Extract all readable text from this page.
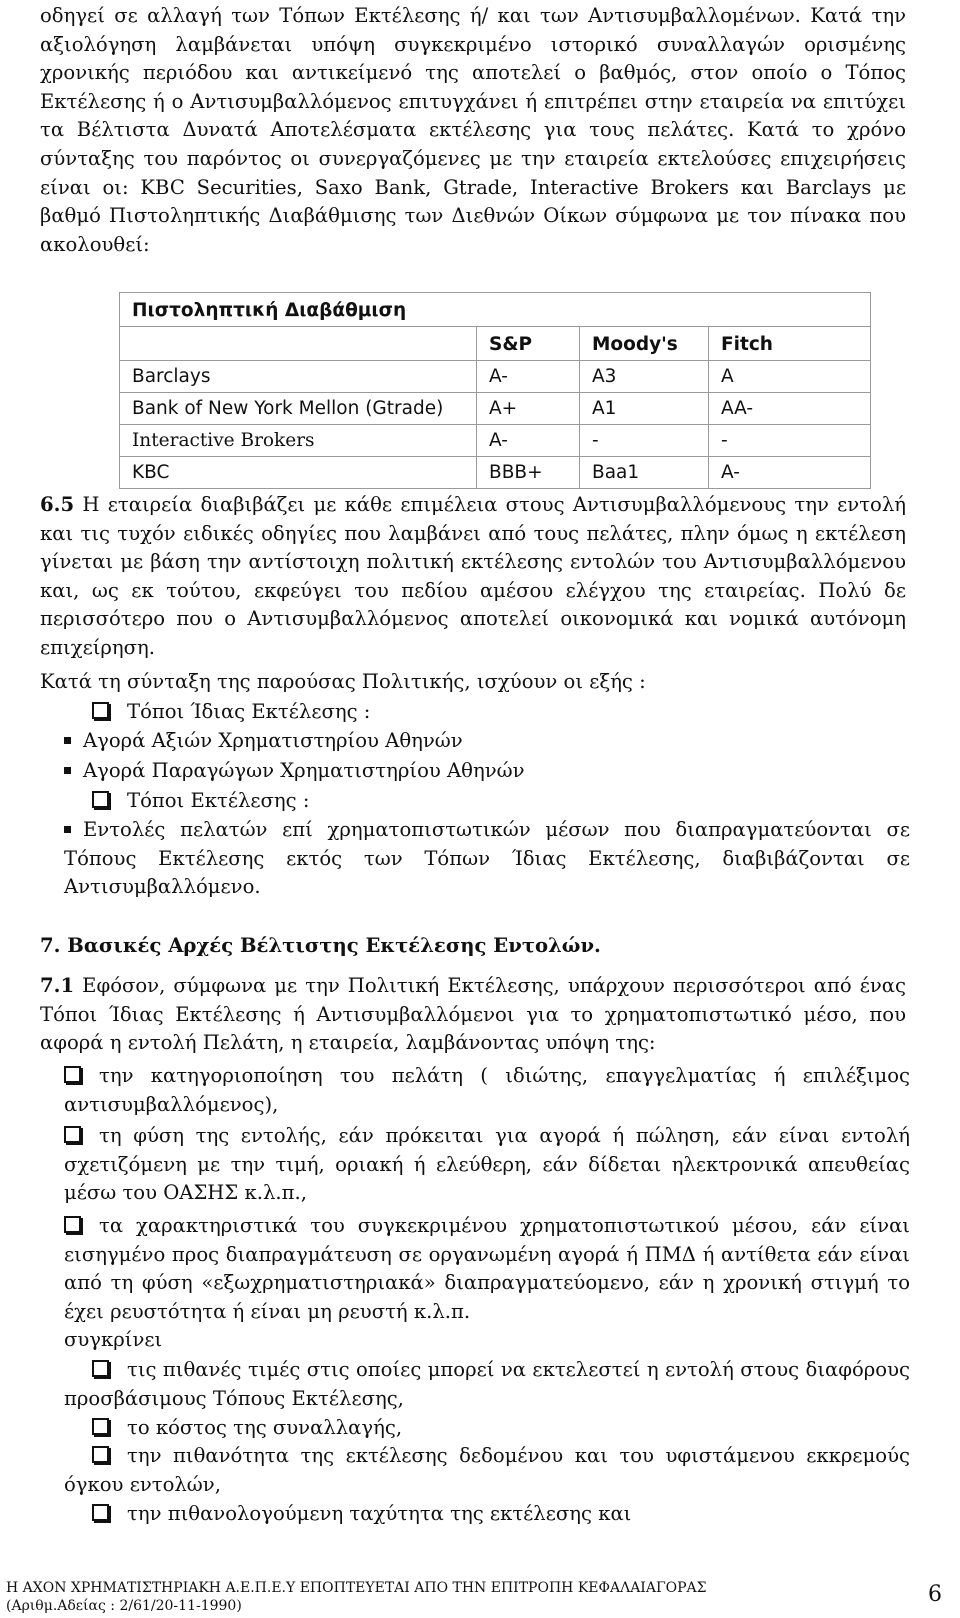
οδηγεί σε αλλαγή των Τόπων Εκτέλεσης ή/ και των Αντισυμβαλλομένων. Κατά την αξιολόγηση λαμβάνεται υπόψη συγκεκριμένο ιστορικό συναλλαγών ορισμένης χρονικής περιόδου και αντικείμενό της αποτελεί ο βαθμός, στον οποίο ο Τόπος Εκτέλεσης ή ο Αντισυμβαλλόμενος επιτυγχάνει ή επιτρέπει στην εταιρεία να επιτύχει τα Βέλτιστα Δυνατά Αποτελέσματα εκτέλεσης για τους πελάτες. Κατά το χρόνο σύνταξης του παρόντος οι συνεργαζόμενες με την εταιρεία εκτελούσες επιχειρήσεις είναι οι: KBC Securities, Saxo Bank, Gtrade, Interactive Brokers και Barclays με βαθμό Πιστοληπτικής Διαβάθμισης των Διεθνών Οίκων σύμφωνα με τον πίνακα που ακολουθεί:

Πιστοληπτική Διαβάθμιση			
	S&P	Moody's	Fitch
Barclays	A-	A3	A
Bank of New York Mellon (Gtrade)	A+	A1	AA-
Interactive Brokers	A-	-	-
KBC	BBB+	Baa1	A-

6.5 Η εταιρεία διαβιβάζει με κάθε επιμέλεια στους Αντισυμβαλλόμενους την εντολή και τις τυχόν ειδικές οδηγίες που λαμβάνει από τους πελάτες, πλην όμως η εκτέλεση γίνεται με βάση την αντίστοιχη πολιτική εκτέλεσης εντολών του Αντισυμβαλλόμενου και, ως εκ τούτου, εκφεύγει του πεδίου αμέσου ελέγχου της εταιρείας. Πολύ δε περισσότερο που ο Αντισυμβαλλόμενος αποτελεί οικονομικά και νομικά αυτόνομη επιχείρηση.

Κατά τη σύνταξη της παρούσας Πολιτικής, ισχύουν οι εξής :

Τόποι Ίδιας Εκτέλεσης :

Αγορά Αξιών Χρηματιστηρίου Αθηνών

Αγορά Παραγώγων Χρηματιστηρίου Αθηνών

Τόποι Εκτέλεσης :

Εντολές πελατών επί χρηματοπιστωτικών μέσων που διαπραγματεύονται σε Τόπους Εκτέλεσης εκτός των Τόπων Ίδιας Εκτέλεσης, διαβιβάζονται σε Αντισυμβαλλόμενο.

7. Βασικές Αρχές Βέλτιστης Εκτέλεσης Εντολών.

7.1 Εφόσον, σύμφωνα με την Πολιτική Εκτέλεσης, υπάρχουν περισσότεροι από ένας Τόποι Ίδιας Εκτέλεσης ή Αντισυμβαλλόμενοι για το χρηματοπιστωτικό μέσο, που αφορά η εντολή Πελάτη, η εταιρεία, λαμβάνοντας υπόψη της:

την κατηγοριοποίηση του πελάτη ( ιδιώτης, επαγγελματίας ή επιλέξιμος αντισυμβαλλόμενος),

τη φύση της εντολής, εάν πρόκειται για αγορά ή πώληση, εάν είναι εντολή σχετιζόμενη με την τιμή, οριακή ή ελεύθερη, εάν δίδεται ηλεκτρονικά απευθείας μέσω του ΟΑΣΗΣ κ.λ.π.,

τα χαρακτηριστικά του συγκεκριμένου χρηματοπιστωτικού μέσου, εάν είναι εισηγμένο προς διαπραγμάτευση σε οργανωμένη αγορά ή ΠΜΔ ή αντίθετα εάν είναι από τη φύση «εξωχρηματιστηριακά» διαπραγματεύομενο, εάν η χρονική στιγμή το έχει ρευστότητα ή είναι μη ρευστή κ.λ.π.

συγκρίνει

τις πιθανές τιμές στις οποίες μπορεί να εκτελεστεί η εντολή στους διαφόρους προσβάσιμους Τόπους Εκτέλεσης,

το κόστος της συναλλαγής,

την πιθανότητα της εκτέλεσης δεδομένου και του υφιστάμενου εκκρεμούς όγκου εντολών,

την πιθανολογούμενη ταχύτητα της εκτέλεσης και

Η ΑΧΟΝ ΧΡΗΜΑΤΙΣΤΗΡΙΑΚΗ Α.Ε.Π.Ε.Υ ΕΠΟΠΤΕΥΕΤΑΙ ΑΠΟ ΤΗΝ ΕΠΙΤΡΟΠΗ ΚΕΦΑΛΑΙΑΓΟΡΑΣ
(Αριθμ.Αδείας : 2/61/20-11-1990)	6
